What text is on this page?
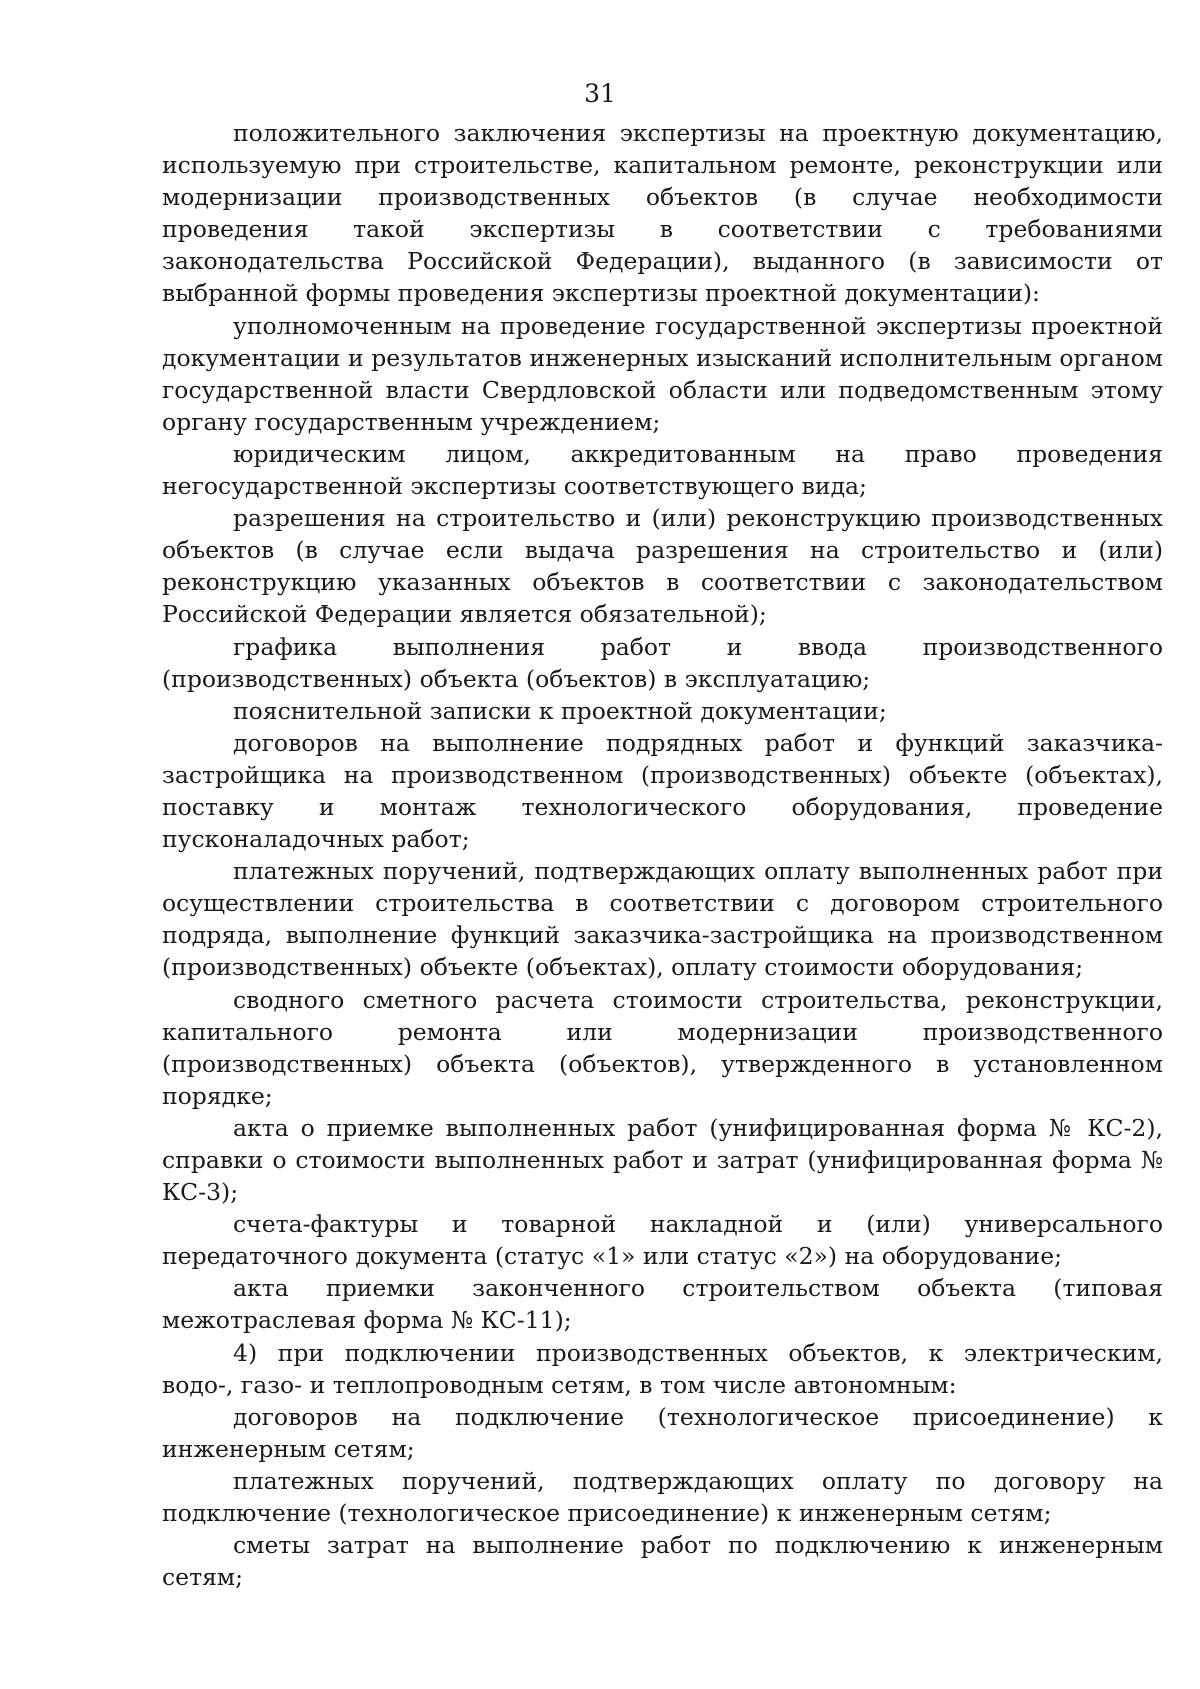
31

положительного заключения экспертизы на проектную документацию, используемую при строительстве, капитальном ремонте, реконструкции или модернизации производственных объектов (в случае необходимости проведения такой экспертизы в соответствии с требованиями законодательства Российской Федерации), выданного (в зависимости от выбранной формы проведения экспертизы проектной документации):

уполномоченным на проведение государственной экспертизы проектной документации и результатов инженерных изысканий исполнительным органом государственной власти Свердловской области или подведомственным этому органу государственным учреждением;

юридическим лицом, аккредитованным на право проведения негосударственной экспертизы соответствующего вида;

разрешения на строительство и (или) реконструкцию производственных объектов (в случае если выдача разрешения на строительство и (или) реконструкцию указанных объектов в соответствии с законодательством Российской Федерации является обязательной);

графика выполнения работ и ввода производственного (производственных) объекта (объектов) в эксплуатацию;

пояснительной записки к проектной документации;

договоров на выполнение подрядных работ и функций заказчика-застройщика на производственном (производственных) объекте (объектах), поставку и монтаж технологического оборудования, проведение пусконаладочных работ;

платежных поручений, подтверждающих оплату выполненных работ при осуществлении строительства в соответствии с договором строительного подряда, выполнение функций заказчика-застройщика на производственном (производственных) объекте (объектах), оплату стоимости оборудования;

сводного сметного расчета стоимости строительства, реконструкции, капитального ремонта или модернизации производственного (производственных) объекта (объектов), утвержденного в установленном порядке;

акта о приемке выполненных работ (унифицированная форма № КС-2), справки о стоимости выполненных работ и затрат (унифицированная форма № КС-3);

счета-фактуры и товарной накладной и (или) универсального передаточного документа (статус «1» или статус «2») на оборудование;

акта приемки законченного строительством объекта (типовая межотраслевая форма № КС-11);

4) при подключении производственных объектов, к электрическим, водо-, газо- и теплопроводным сетям, в том числе автономным:

договоров на подключение (технологическое присоединение) к инженерным сетям;

платежных поручений, подтверждающих оплату по договору на подключение (технологическое присоединение) к инженерным сетям;

сметы затрат на выполнение работ по подключению к инженерным сетям;
